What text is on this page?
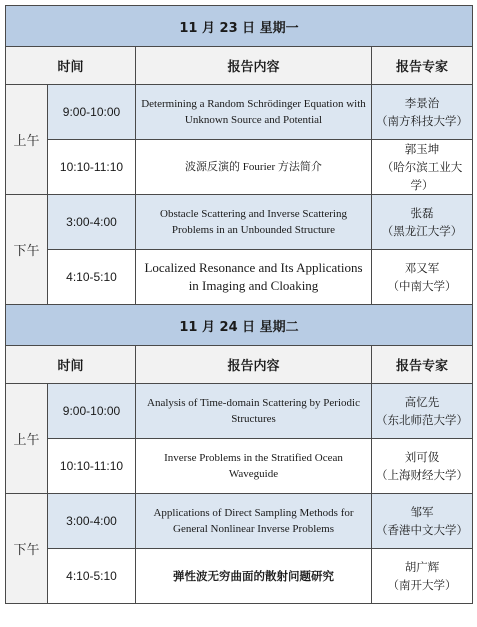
11 月 23 日 星期一			
时间		报告内容	报告专家
上午	9:00-10:00	Determining a Random Schrödinger Equation with Unknown Source and Potential	李景治
（南方科技大学）

	10:10-11:10	波源反演的 Fourier 方法简介	郭玉坤
（哈尔滨工业大学）

下午	3:00-4:00	Obstacle Scattering and Inverse Scattering Problems in an Unbounded Structure	张磊
（黑龙江大学）

	4:10-5:10	Localized Resonance and Its Applications in Imaging and Cloaking	邓又军
（中南大学）

11 月 24 日 星期二			
时间		报告内容	报告专家
上午	9:00-10:00	Analysis of Time-domain Scattering by Periodic Structures	高忆先
（东北师范大学）

	10:10-11:10	Inverse Problems in the Stratified Ocean Waveguide	刘可伋
（上海财经大学）

下午	3:00-4:00	Applications of Direct Sampling Methods for General Nonlinear Inverse Problems	邹军
（香港中文大学）

	4:10-5:10	弹性波无穷曲面的散射问题研究	胡广辉
（南开大学）
